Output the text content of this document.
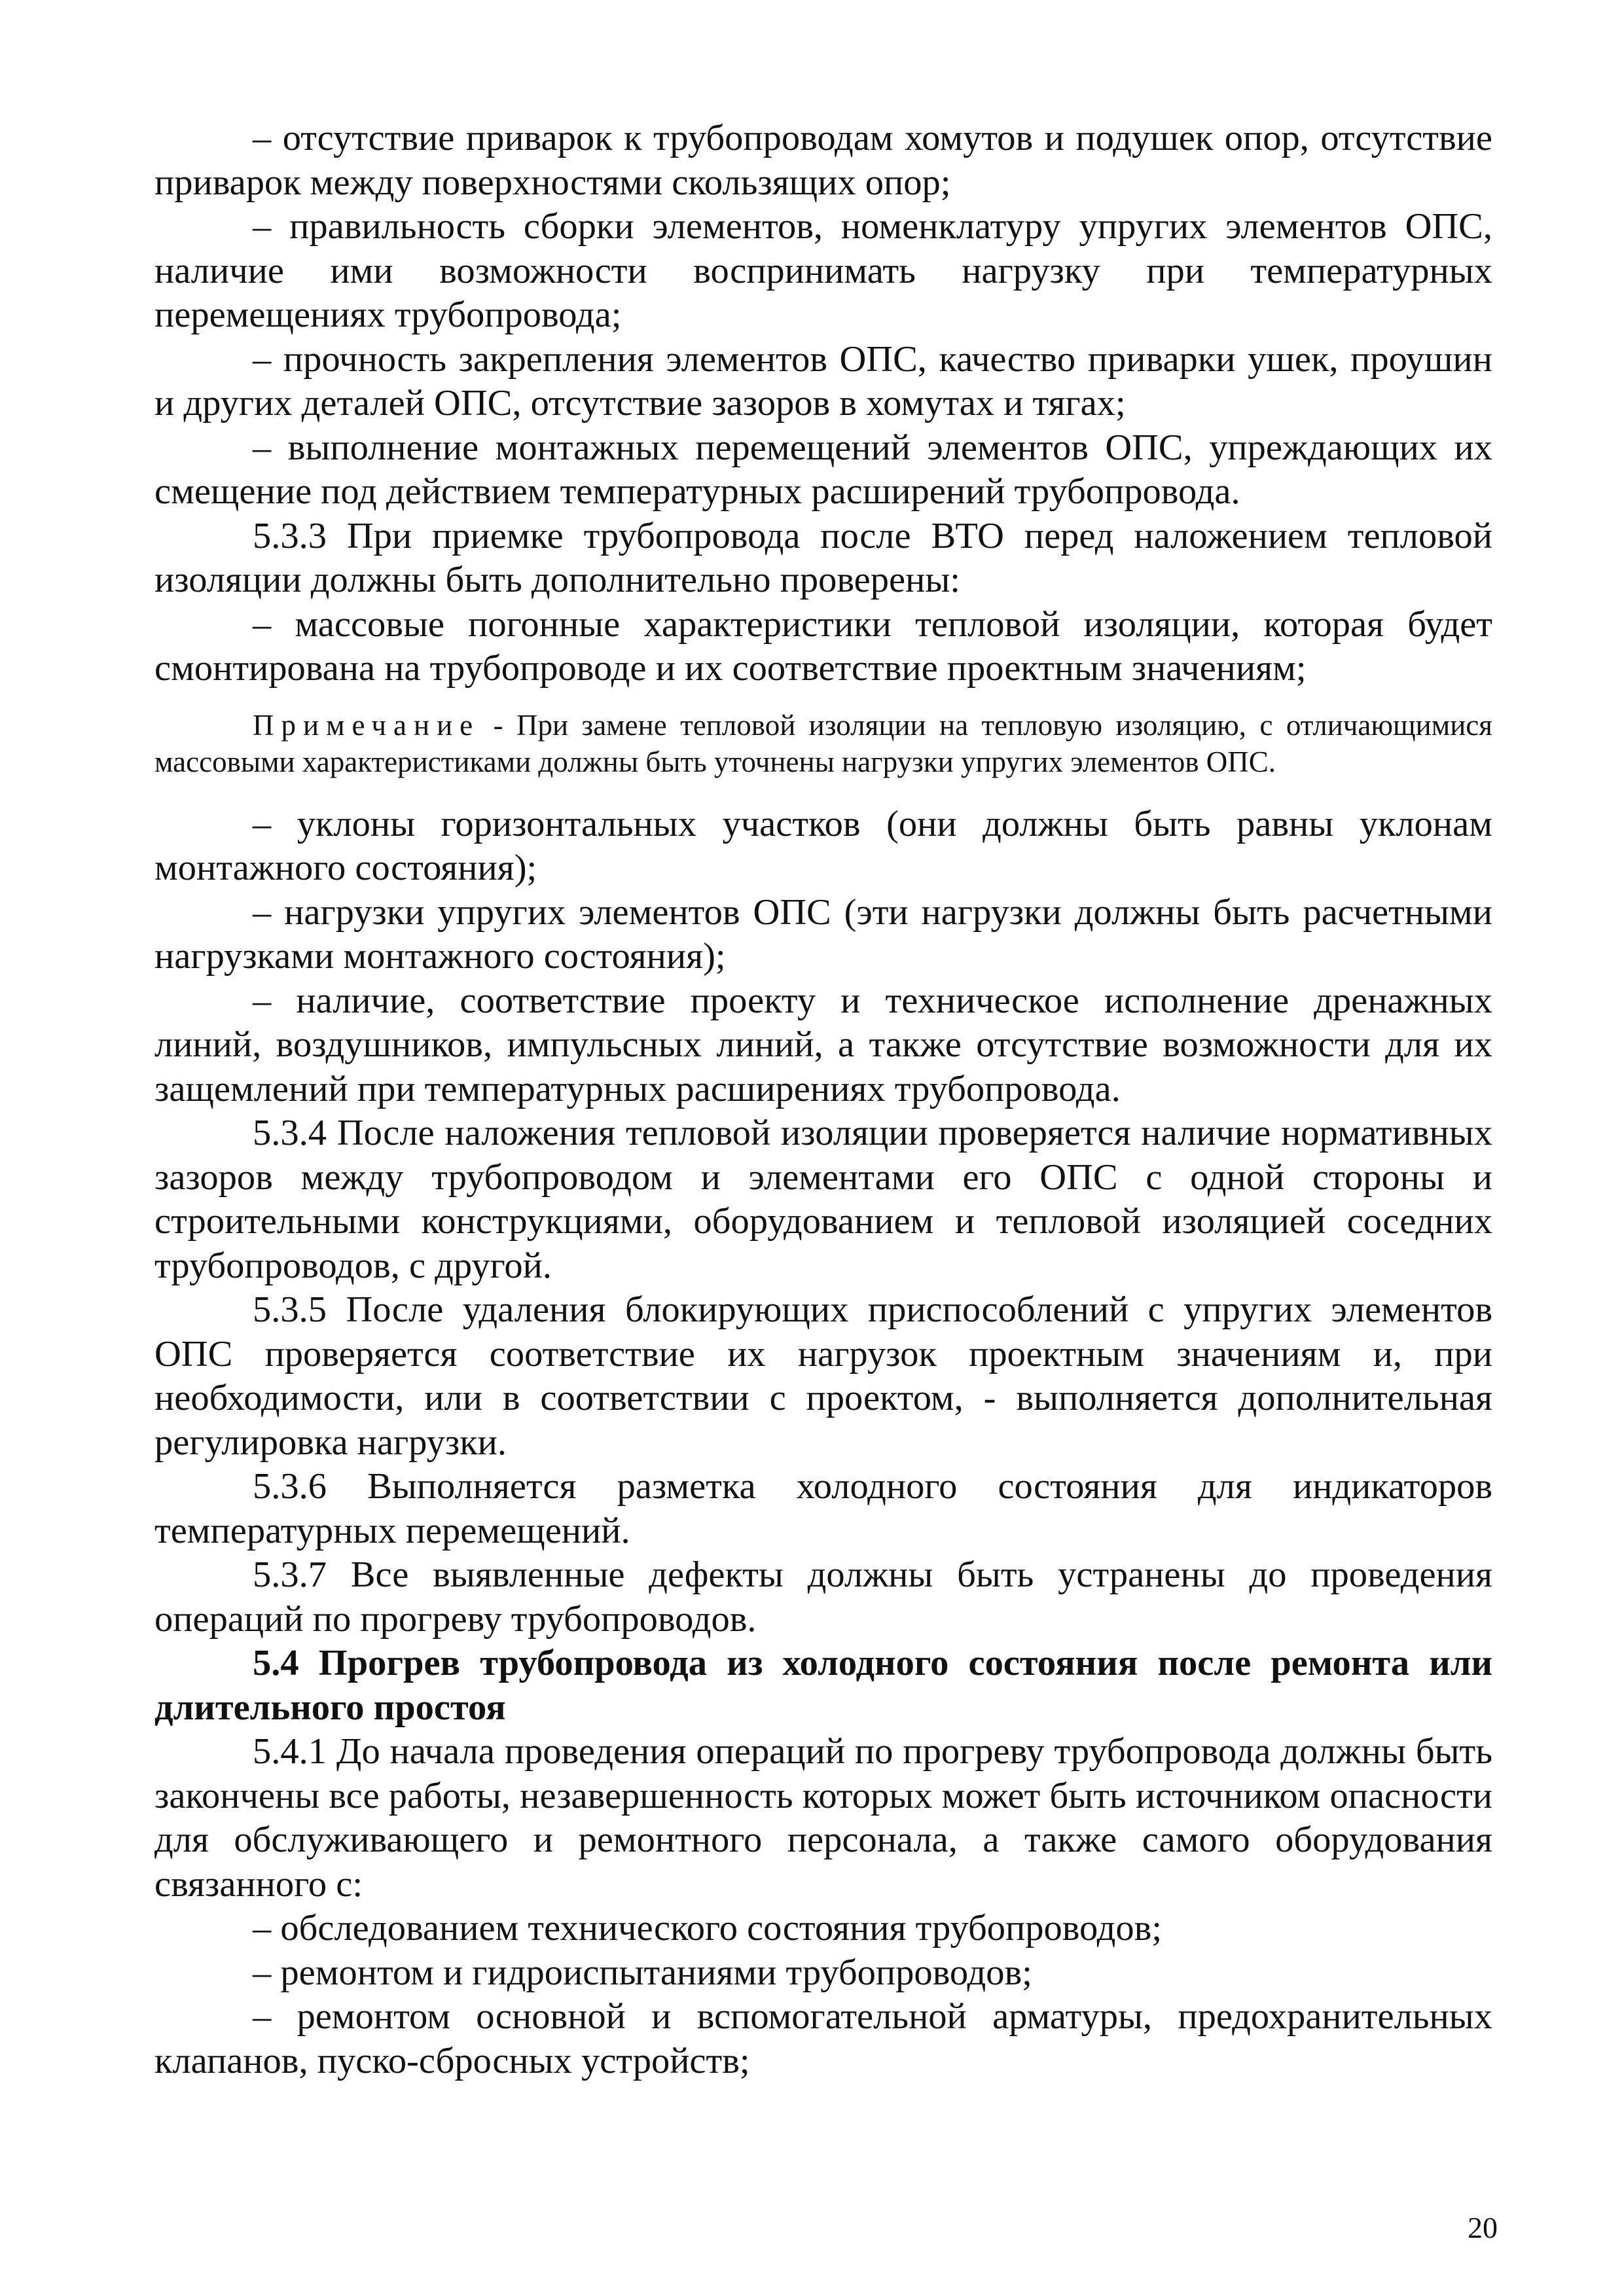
– отсутствие приварок к трубопроводам хомутов и подушек опор, отсутствие приварок между поверхностями скользящих опор;

– правильность сборки элементов, номенклатуру упругих элементов ОПС, наличие ими возможности воспринимать нагрузку при температурных перемещениях трубопровода;

– прочность закрепления элементов ОПС, качество приварки ушек, проушин и других деталей ОПС, отсутствие зазоров в хомутах и тягах;

– выполнение монтажных перемещений элементов ОПС, упреждающих их смещение под действием температурных расширений трубопровода.

5.3.3 При приемке трубопровода после ВТО перед наложением тепловой изоляции должны быть дополнительно проверены:

– массовые погонные характеристики тепловой изоляции, которая будет смонтирована на трубопроводе и их соответствие проектным значениям;

Примечание - При замене тепловой изоляции на тепловую изоляцию, с отличающимися массовыми характеристиками должны быть уточнены нагрузки упругих элементов ОПС.

– уклоны горизонтальных участков (они должны быть равны уклонам монтажного состояния);

– нагрузки упругих элементов ОПС (эти нагрузки должны быть расчетными нагрузками монтажного состояния);

– наличие, соответствие проекту и техническое исполнение дренажных линий, воздушников, импульсных линий, а также отсутствие возможности для их защемлений при температурных расширениях трубопровода.

5.3.4 После наложения тепловой изоляции проверяется наличие нормативных зазоров между трубопроводом и элементами его ОПС с одной стороны и строительными конструкциями, оборудованием и тепловой изоляцией соседних трубопроводов, с другой.

5.3.5 После удаления блокирующих приспособлений с упругих элементов ОПС проверяется соответствие их нагрузок проектным значениям и, при необходимости, или в соответствии с проектом, - выполняется дополнительная регулировка нагрузки.

5.3.6 Выполняется разметка холодного состояния для индикаторов температурных перемещений.

5.3.7 Все выявленные дефекты должны быть устранены до проведения операций по прогреву трубопроводов.

5.4 Прогрев трубопровода из холодного состояния после ремонта или длительного простоя

5.4.1 До начала проведения операций по прогреву трубопровода должны быть закончены все работы, незавершенность которых может быть источником опасности для обслуживающего и ремонтного персонала, а также самого оборудования связанного с:

– обследованием технического состояния трубопроводов;

– ремонтом и гидроиспытаниями трубопроводов;

– ремонтом основной и вспомогательной арматуры, предохранительных клапанов, пуско-сбросных устройств;

20
